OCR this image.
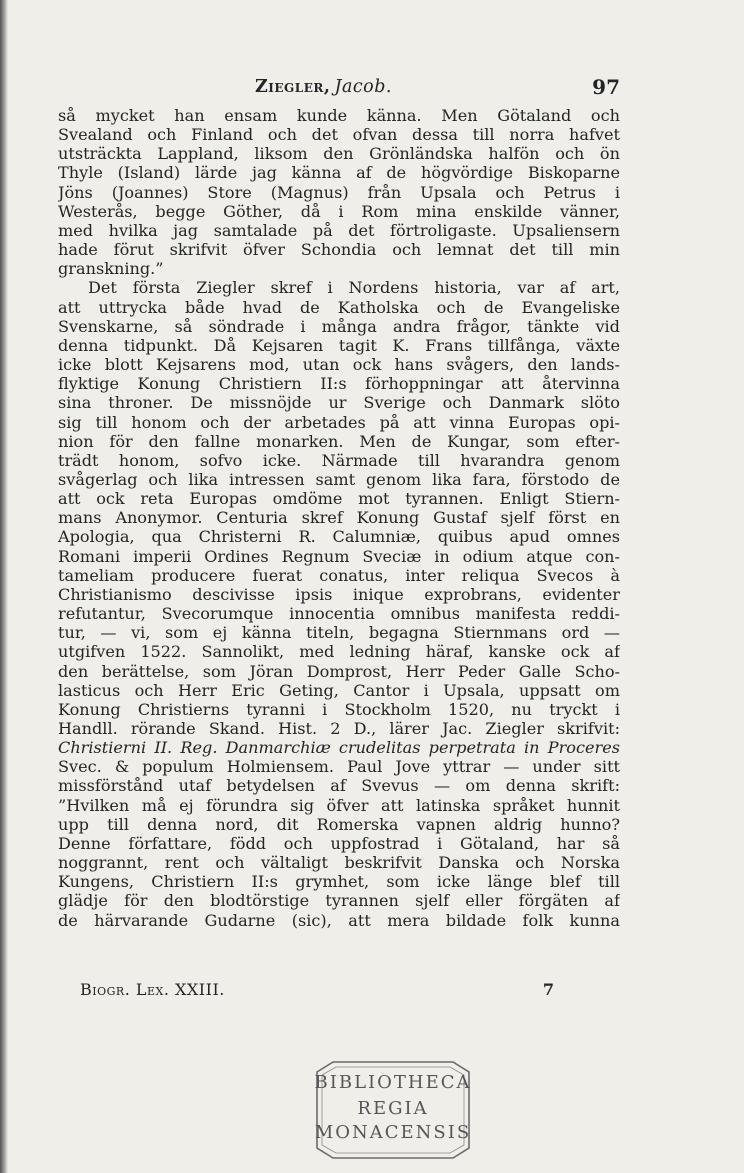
Ziegler, Jacob.	97
så mycket han ensam kunde känna. Men Götaland och
Svealand och Finland och det ofvan dessa till norra hafvet
utsträckta Lappland, liksom den Grönländska halfön och ön
Thyle (Island) lärde jag känna af de högvördige Biskoparne
Jöns (Joannes) Store (Magnus) från Upsala och Petrus i
Westerås, begge Göther, då i Rom mina enskilde vänner,
med hvilka jag samtalade på det förtroligaste. Upsaliensern
hade förut skrifvit öfver Schondia och lemnat det till min
granskning.”
Det första Ziegler skref i Nordens historia, var af art,
att uttrycka både hvad de Katholska och de Evangeliske
Svenskarne, så söndrade i många andra frågor, tänkte vid
denna tidpunkt. Då Kejsaren tagit K. Frans tillfånga, växte
icke blott Kejsarens mod, utan ock hans svågers, den lands-
flyktige Konung Christiern II:s förhoppningar att återvinna
sina throner. De missnöjde ur Sverige och Danmark slöto
sig till honom och der arbetades på att vinna Europas opi-
nion för den fallne monarken. Men de Kungar, som efter-
trädt honom, sofvo icke. Närmade till hvarandra genom
svågerlag och lika intressen samt genom lika fara, förstodo de
att ock reta Europas omdöme mot tyrannen. Enligt Stiern-
mans Anonymor. Centuria skref Konung Gustaf sjelf först en
Apologia, qua Christerni R. Calumniæ, quibus apud omnes
Romani imperii Ordines Regnum Sveciæ in odium atque con-
tameliam producere fuerat conatus, inter reliqua Svecos à
Christianismo descivisse ipsis inique exprobrans, evidenter
refutantur, Svecorumque innocentia omnibus manifesta reddi-
tur, — vi, som ej känna titeln, begagna Stiernmans ord —
utgifven 1522. Sannolikt, med ledning häraf, kanske ock af
den berättelse, som Jöran Domprost, Herr Peder Galle Scho-
lasticus och Herr Eric Geting, Cantor i Upsala, uppsatt om
Konung Christierns tyranni i Stockholm 1520, nu tryckt i
Handll. rörande Skand. Hist. 2 D., lärer Jac. Ziegler skrifvit:
Christierni II. Reg. Danmarchiæ crudelitas perpetrata in Proceres
Svec. & populum Holmiensem. Paul Jove yttrar — under sitt
missförstånd utaf betydelsen af Svevus — om denna skrift:
”Hvilken må ej förundra sig öfver att latinska språket hunnit
upp till denna nord, dit Romerska vapnen aldrig hunno?
Denne författare, född och uppfostrad i Götaland, har så
noggrannt, rent och vältaligt beskrifvit Danska och Norska
Kungens, Christiern II:s grymhet, som icke länge blef till
glädje för den blodtörstige tyrannen sjelf eller förgäten af
de härvarande Gudarne (sic), att mera bildade folk kunna
Biogr. Lex. XXIII.	7
BIBLIOTHECA
REGIA
MONACENSIS
